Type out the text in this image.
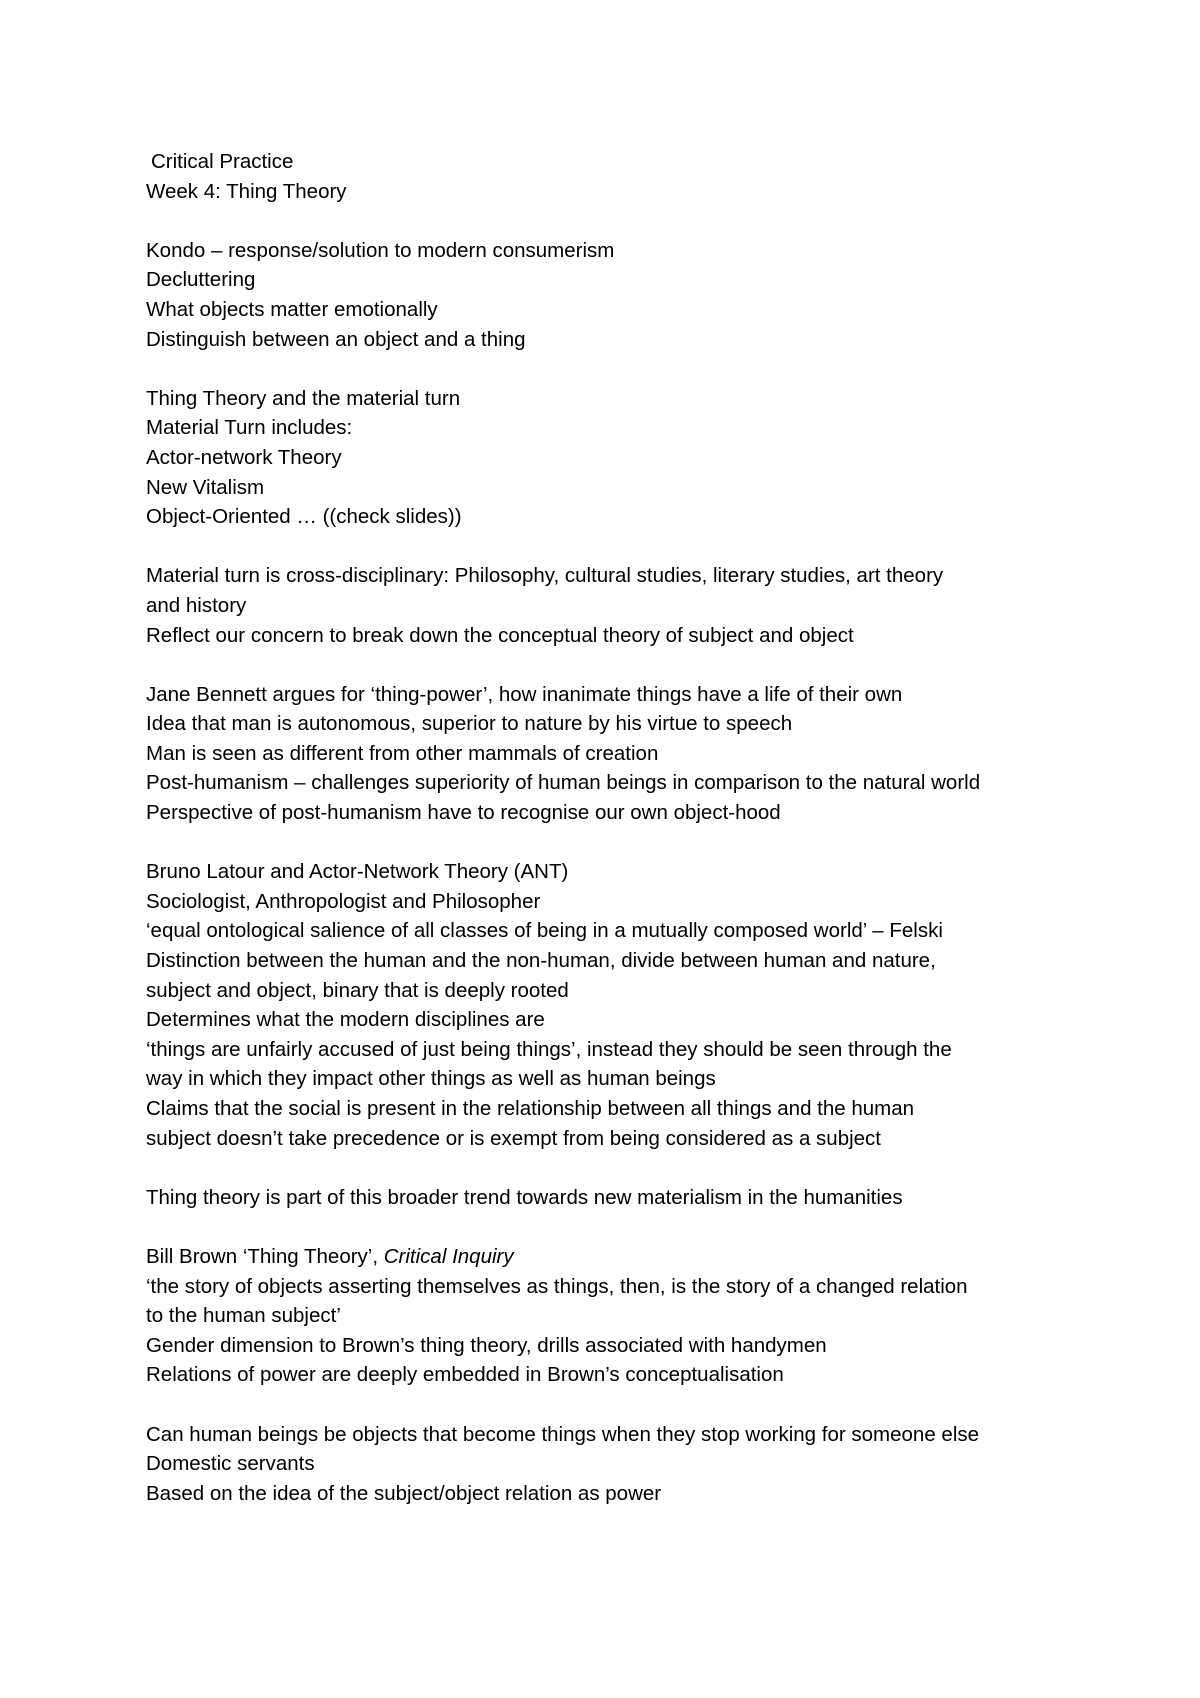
Critical Practice
Week 4: Thing Theory
Kondo – response/solution to modern consumerism
Decluttering
What objects matter emotionally
Distinguish between an object and a thing
Thing Theory and the material turn
Material Turn includes:
Actor-network Theory
New Vitalism
Object-Oriented … ((check slides))
Material turn is cross-disciplinary: Philosophy, cultural studies, literary studies, art theory
and history
Reflect our concern to break down the conceptual theory of subject and object
Jane Bennett argues for ‘thing-power’, how inanimate things have a life of their own
Idea that man is autonomous, superior to nature by his virtue to speech
Man is seen as different from other mammals of creation
Post-humanism – challenges superiority of human beings in comparison to the natural world
Perspective of post-humanism have to recognise our own object-hood
Bruno Latour and Actor-Network Theory (ANT)
Sociologist, Anthropologist and Philosopher
‘equal ontological salience of all classes of being in a mutually composed world’ – Felski
Distinction between the human and the non-human, divide between human and nature,
subject and object, binary that is deeply rooted
Determines what the modern disciplines are
‘things are unfairly accused of just being things’, instead they should be seen through the
way in which they impact other things as well as human beings
Claims that the social is present in the relationship between all things and the human
subject doesn’t take precedence or is exempt from being considered as a subject
Thing theory is part of this broader trend towards new materialism in the humanities
Bill Brown ‘Thing Theory’, Critical Inquiry
‘the story of objects asserting themselves as things, then, is the story of a changed relation
to the human subject’
Gender dimension to Brown’s thing theory, drills associated with handymen
Relations of power are deeply embedded in Brown’s conceptualisation
Can human beings be objects that become things when they stop working for someone else
Domestic servants
Based on the idea of the subject/object relation as power
